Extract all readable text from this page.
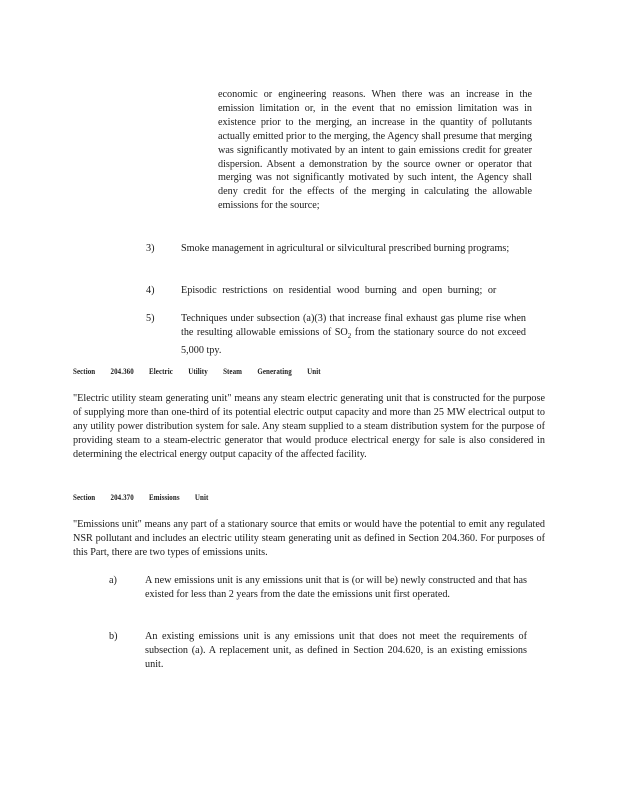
economic or engineering reasons. When there was an increase in the emission limitation or, in the event that no emission limitation was in existence prior to the merging, an increase in the quantity of pollutants actually emitted prior to the merging, the Agency shall presume that merging was significantly motivated by an intent to gain emissions credit for greater dispersion. Absent a demonstration by the source owner or operator that merging was not significantly motivated by such intent, the Agency shall deny credit for the effects of the merging in calculating the allowable emissions for the source;

3)	Smoke management in agricultural or silvicultural prescribed burning programs;

4)	Episodic restrictions on residential wood burning and open burning; or

5)	Techniques under subsection (a)(3) that increase final exhaust gas plume rise when the resulting allowable emissions of $SO_2$ from the stationary source do not exceed 5,000 tpy.

Section 204.360 Electric Utility Steam Generating Unit

"Electric utility steam generating unit" means any steam electric generating unit that is constructed for the purpose of supplying more than one-third of its potential electric output capacity and more than 25 MW electrical output to any utility power distribution system for sale. Any steam supplied to a steam distribution system for the purpose of providing steam to a steam-electric generator that would produce electrical energy for sale is also considered in determining the electrical energy output capacity of the affected facility.

Section 204.370 Emissions Unit

"Emissions unit" means any part of a stationary source that emits or would have the potential to emit any regulated NSR pollutant and includes an electric utility steam generating unit as defined in Section 204.360. For purposes of this Part, there are two types of emissions units.

a)	A new emissions unit is any emissions unit that is (or will be) newly constructed and that has existed for less than 2 years from the date the emissions unit first operated.

b)	An existing emissions unit is any emissions unit that does not meet the requirements of subsection (a). A replacement unit, as defined in Section 204.620, is an existing emissions unit.
